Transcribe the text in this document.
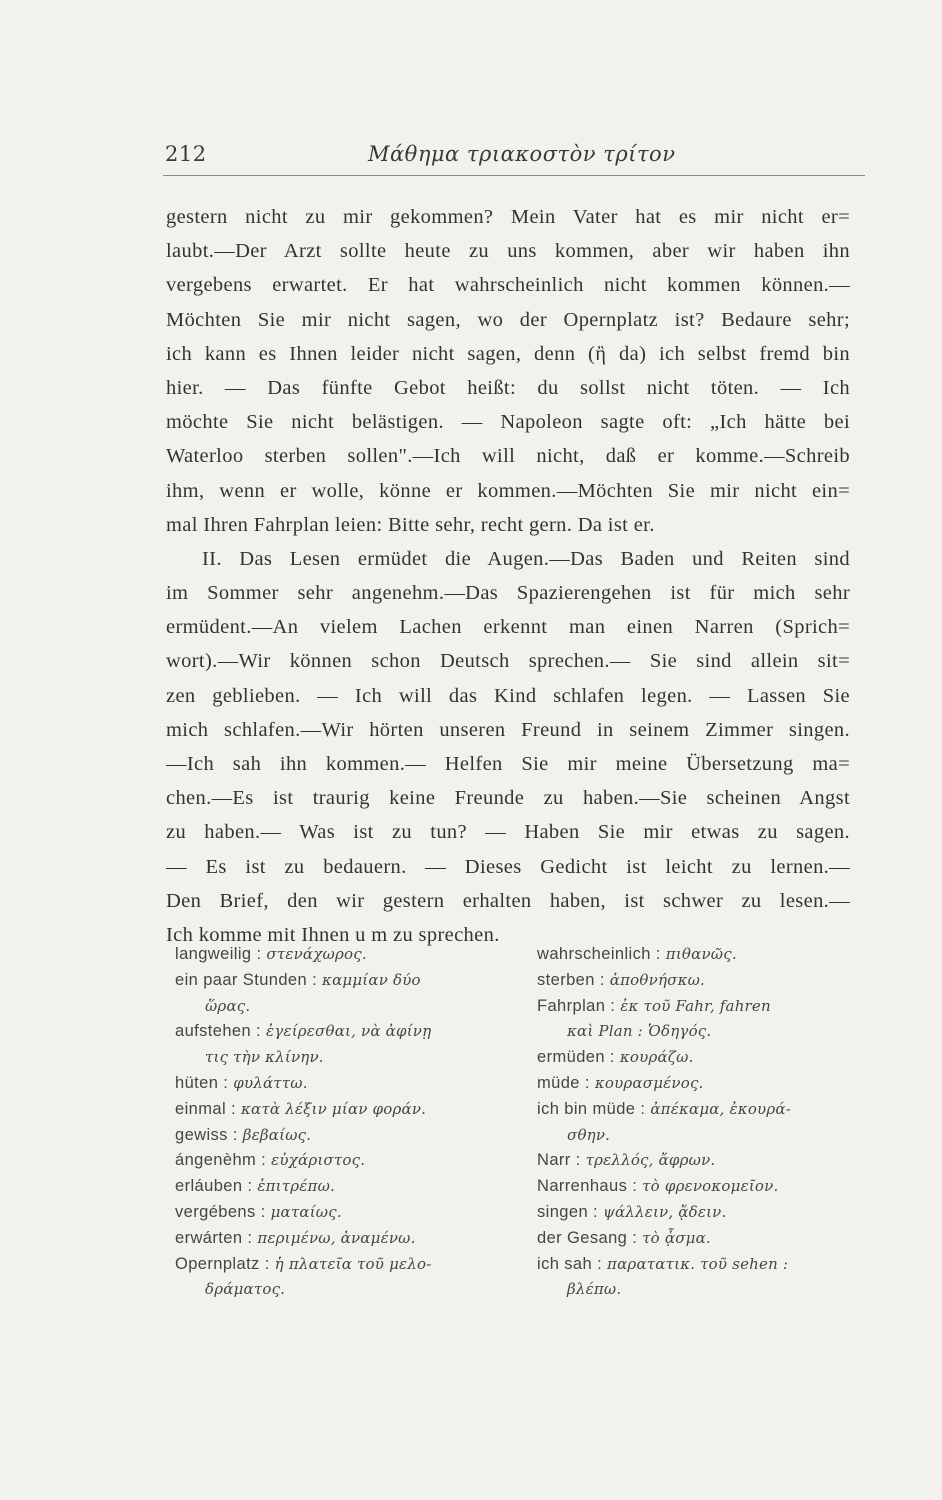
212	Μάθημα τριακοστὸν τρίτον
gestern nicht zu mir gekommen? Mein Vater hat es mir nicht er=
laubt.—Der Arzt sollte heute zu uns kommen, aber wir haben ihn
vergebens erwartet. Er hat wahrscheinlich nicht kommen können.—
Möchten Sie mir nicht sagen, wo der Opernplatz ist? Bedaure sehr;
ich kann es Ihnen leider nicht sagen, denn (ἢ da) ich selbst fremd bin
hier. — Das fünfte Gebot heißt: du sollst nicht töten. — Ich
möchte Sie nicht belästigen. — Napoleon sagte oft: „Ich hätte bei
Waterloo sterben sollen".—Ich will nicht, daß er komme.—Schreib
ihm, wenn er wolle, könne er kommen.—Möchten Sie mir nicht ein=
mal Ihren Fahrplan leien: Bitte sehr, recht gern. Da ist er.
II. Das Lesen ermüdet die Augen.—Das Baden und Reiten sind
im Sommer sehr angenehm.—Das Spazierengehen ist für mich sehr
ermüdent.—An vielem Lachen erkennt man einen Narren (Sprich=
wort).—Wir können schon Deutsch sprechen.— Sie sind allein sit=
zen geblieben. — Ich will das Kind schlafen legen. — Lassen Sie
mich schlafen.—Wir hörten unseren Freund in seinem Zimmer singen.
—Ich sah ihn kommen.— Helfen Sie mir meine Übersetzung ma=
chen.—Es ist traurig keine Freunde zu haben.—Sie scheinen Angst
zu haben.— Was ist zu tun? — Haben Sie mir etwas zu sagen.
— Es ist zu bedauern. — Dieses Gedicht ist leicht zu lernen.—
Den Brief, den wir gestern erhalten haben, ist schwer zu lesen.—
Ich komme mit Ihnen u m zu sprechen.
langweilig : στενάχωρος.
ein paar Stunden : καμμίαν δύο
ὥρας.
aufstehen : ἐγείρεσθαι, νὰ ἀφίνῃ
τις τὴν κλίνην.
hüten : φυλάττω.
einmal : κατὰ λέξιν μίαν φοράν.
gewiss : βεβαίως.
ángenèhm : εὐχάριστος.
erláuben : ἐπιτρέπω.
vergébens : ματαίως.
erwárten : περιμένω, ἀναμένω.
Opernplatz : ἡ πλατεῖα τοῦ μελο-
δράματος.
wahrscheinlich : πιθανῶς.
sterben : ἀποθνήσκω.
Fahrplan : ἐκ τοῦ Fahr, fahren
καὶ Plan : Ὁδηγός.
ermüden : κουράζω.
müde : κουρασμένος.
ich bin müde : ἀπέκαμα, ἐκουρά-
σθην.
Narr : τρελλός, ἄφρων.
Narrenhaus : τὸ φρενοκομεῖον.
singen : ψάλλειν, ᾄδειν.
der Gesang : τὸ ᾆσμα.
ich sah : παρατατικ. τοῦ sehen :
βλέπω.
